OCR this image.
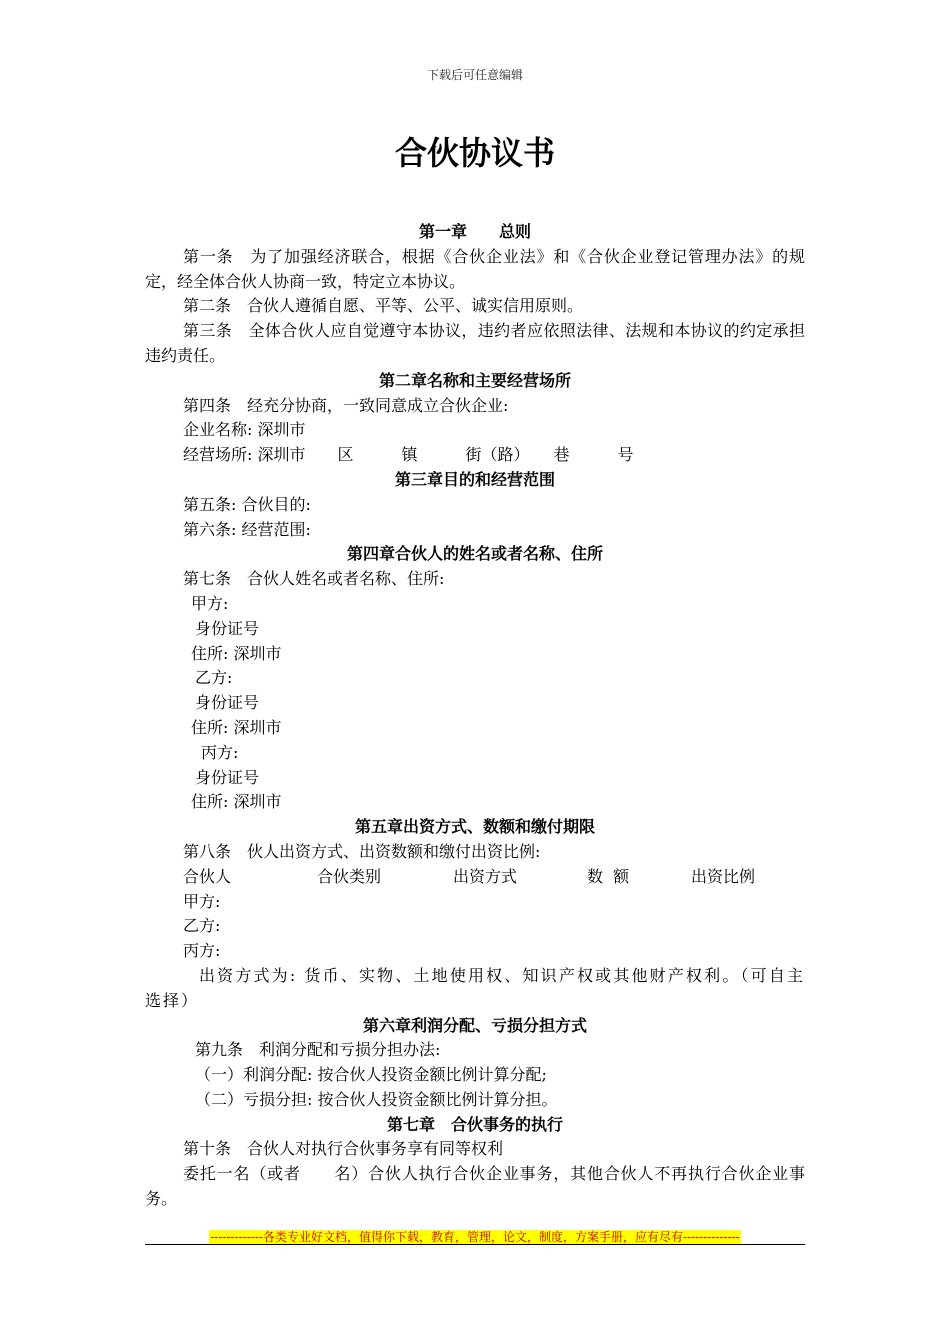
下载后可任意编辑
合伙协议书

第一章　　总则

第一条　为了加强经济联合，根据《合伙企业法》和《合伙企业登记管理办法》的规定，经全体合伙人协商一致，特定立本协议。

第二条　合伙人遵循自愿、平等、公平、诚实信用原则。

第三条　全体合伙人应自觉遵守本协议，违约者应依照法律、法规和本协议的约定承担违约责任。

第二章名称和主要经营场所

第四条　经充分协商，一致同意成立合伙企业:

企业名称: 深圳市

经营场所: 深圳市　　区　　　镇　　　街（路）　　巷　　　号

第三章目的和经营范围

第五条: 合伙目的:

第六条: 经营范围:

第四章合伙人的姓名或者名称、住所

第七条　合伙人姓名或者名称、住所:

甲方:

身份证号

住所: 深圳市

乙方:

身份证号

住所: 深圳市

丙方:

身份证号

住所: 深圳市

第五章出资方式、数额和缴付期限

第八条　伙人出资方式、出资数额和缴付出资比例:

合伙人	合伙类别	出资方式	数  额	出资比例

甲方:

乙方:

丙方:

出资方式为: 货币、实物、土地使用权、知识产权或其他财产权利。（可自主选择）

第六章利润分配、亏损分担方式

第九条　利润分配和亏损分担办法:

（一）利润分配: 按合伙人投资金额比例计算分配;

（二）亏损分担: 按合伙人投资金额比例计算分担。

第七章　合伙事务的执行

第十条　合伙人对执行合伙事务享有同等权利

委托一名（或者　　名）合伙人执行合伙企业事务，其他合伙人不再执行合伙企业事务。

-------------各类专业好文档，值得你下载，教育，管理，论文，制度，方案手册，应有尽有--------------
